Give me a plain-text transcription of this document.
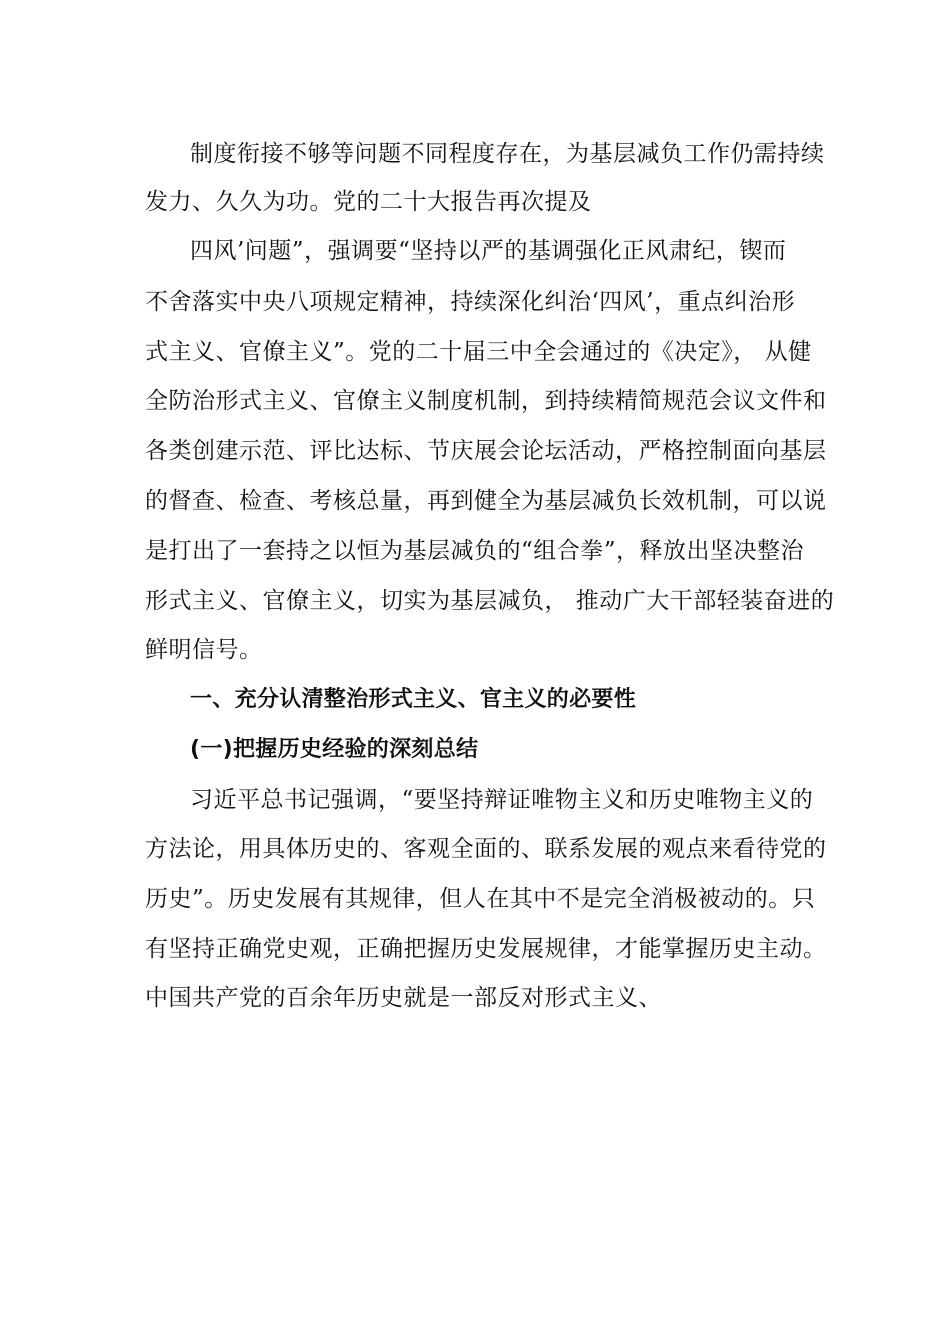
制度衔接不够等问题不同程度存在，为基层减负工作仍需持续

发力、久久为功。党的二十大报告再次提及

四风’问题”，强调要“坚持以严的基调强化正风肃纪，锲而

不舍落实中央八项规定精神，持续深化纠治‘四风’，重点纠治形

式主义、官僚主义”。党的二十届三中全会通过的《决定》， 从健

全防治形式主义、官僚主义制度机制，到持续精简规范会议文件和

各类创建示范、评比达标、节庆展会论坛活动，严格控制面向基层

的督查、检查、考核总量，再到健全为基层减负长效机制，可以说

是打出了一套持之以恒为基层减负的“组合拳”，释放出坚决整治

形式主义、官僚主义，切实为基层减负， 推动广大干部轻装奋进的

鲜明信号。

一、充分认清整治形式主义、官主义的必要性

(一)把握历史经验的深刻总结

习近平总书记强调，“要坚持辩证唯物主义和历史唯物主义的

方法论，用具体历史的、客观全面的、联系发展的观点来看待党的

历史”。历史发展有其规律，但人在其中不是完全消极被动的。只

有坚持正确党史观，正确把握历史发展规律，才能掌握历史主动。

中国共产党的百余年历史就是一部反对形式主义、
